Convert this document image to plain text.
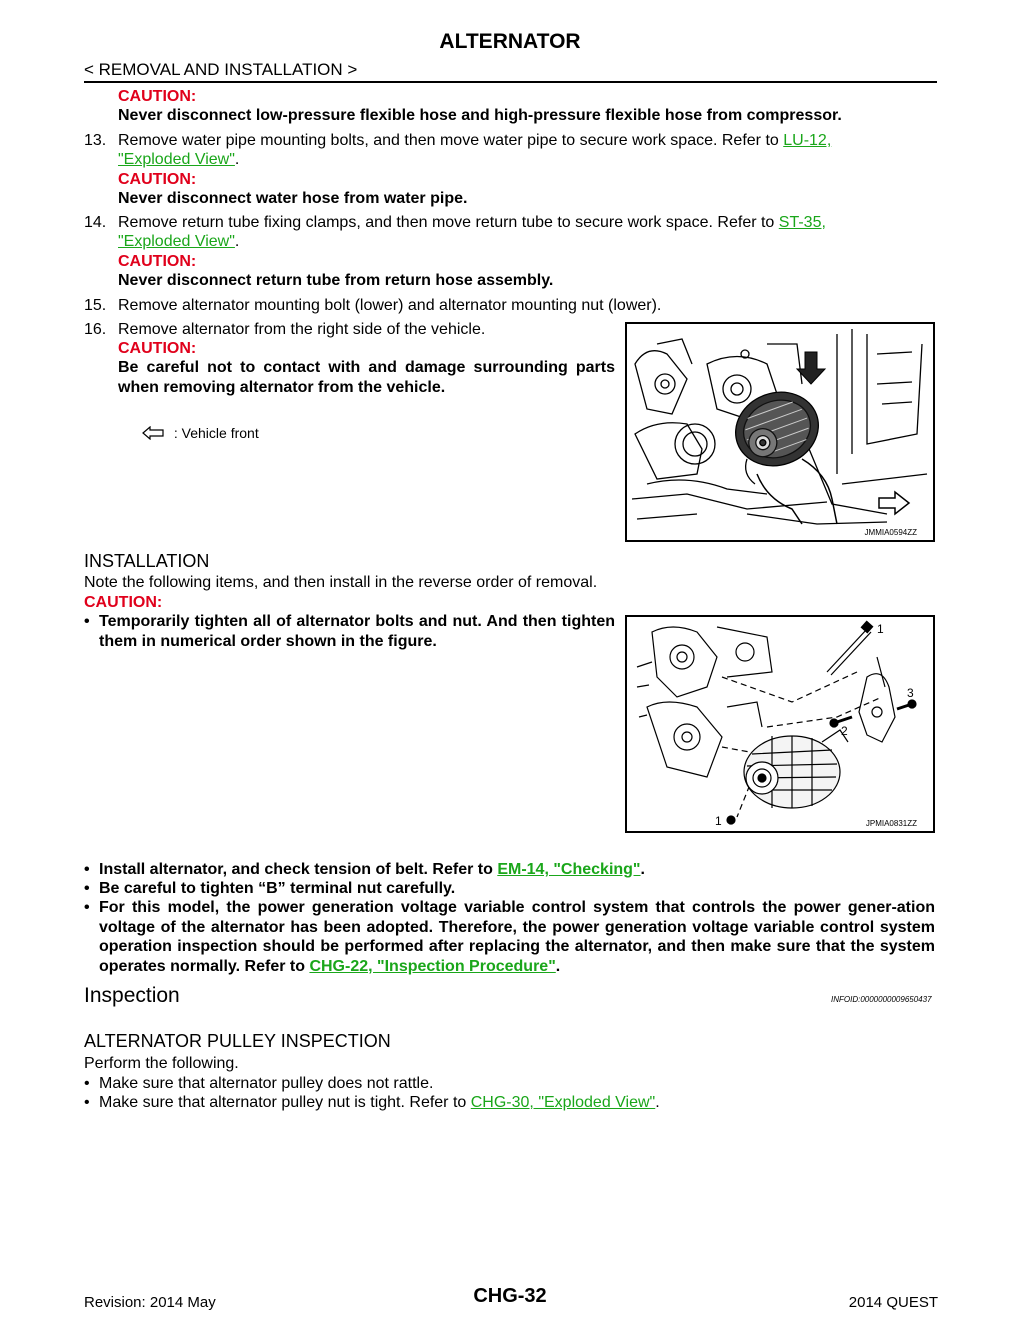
ALTERNATOR
< REMOVAL AND INSTALLATION >
CAUTION:
Never disconnect low-pressure flexible hose and high-pressure flexible hose from compressor.
13. Remove water pipe mounting bolts, and then move water pipe to secure work space. Refer to LU-12,
"Exploded View".
CAUTION:
Never disconnect water hose from water pipe.
14. Remove return tube fixing clamps, and then move return tube to secure work space. Refer to ST-35,
"Exploded View".
CAUTION:
Never disconnect return tube from return hose assembly.
15. Remove alternator mounting bolt (lower) and alternator mounting nut (lower).
16. Remove alternator from the right side of the vehicle.
CAUTION:
Be careful not to contact with and damage surrounding parts when removing alternator from the vehicle.
: Vehicle front
JMMIA0594ZZ
INSTALLATION
Note the following items, and then install in the reverse order of removal.
CAUTION:
• Temporarily tighten all of alternator bolts and nut. And then tighten them in numerical order shown in the figure.
1
2
3
1	JPMIA0831ZZ
• Install alternator, and check tension of belt. Refer to EM-14, "Checking".
• Be careful to tighten “B” terminal nut carefully.
• For this model, the power generation voltage variable control system that controls the power gener-ation voltage of the alternator has been adopted. Therefore, the power generation voltage variable control system operation inspection should be performed after replacing the alternator, and then make sure that the system operates normally. Refer to CHG-22, "Inspection Procedure".
Inspection	INFOID:0000000009650437
ALTERNATOR PULLEY INSPECTION
Perform the following.
• Make sure that alternator pulley does not rattle.
• Make sure that alternator pulley nut is tight. Refer to CHG-30, "Exploded View".
Revision: 2014 May	CHG-32	2014 QUEST
